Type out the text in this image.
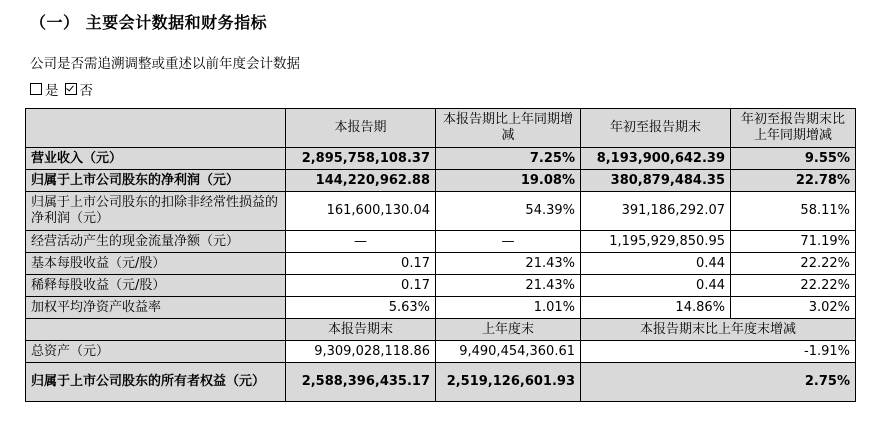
（一） 主要会计数据和财务指标
公司是否需追溯调整或重述以前年度会计数据
是 否
	本报告期	本报告期比上年同期增减	年初至报告期末	年初至报告期末比上年同期增减
营业收入（元）	2,895,758,108.37	7.25%	8,193,900,642.39	9.55%
归属于上市公司股东的净利润（元）	144,220,962.88	19.08%	380,879,484.35	22.78%
归属于上市公司股东的扣除非经常性损益的净利润（元）	161,600,130.04	54.39%	391,186,292.07	58.11%
经营活动产生的现金流量净额（元）	—	—	1,195,929,850.95	71.19%
基本每股收益（元/股）	0.17	21.43%	0.44	22.22%
稀释每股收益（元/股）	0.17	21.43%	0.44	22.22%
加权平均净资产收益率	5.63%	1.01%	14.86%	3.02%
	本报告期末	上年度末	本报告期末比上年度末增减	
总资产（元）	9,309,028,118.86	9,490,454,360.61	-1.91%	
归属于上市公司股东的所有者权益（元）	2,588,396,435.17	2,519,126,601.93	2.75%	
